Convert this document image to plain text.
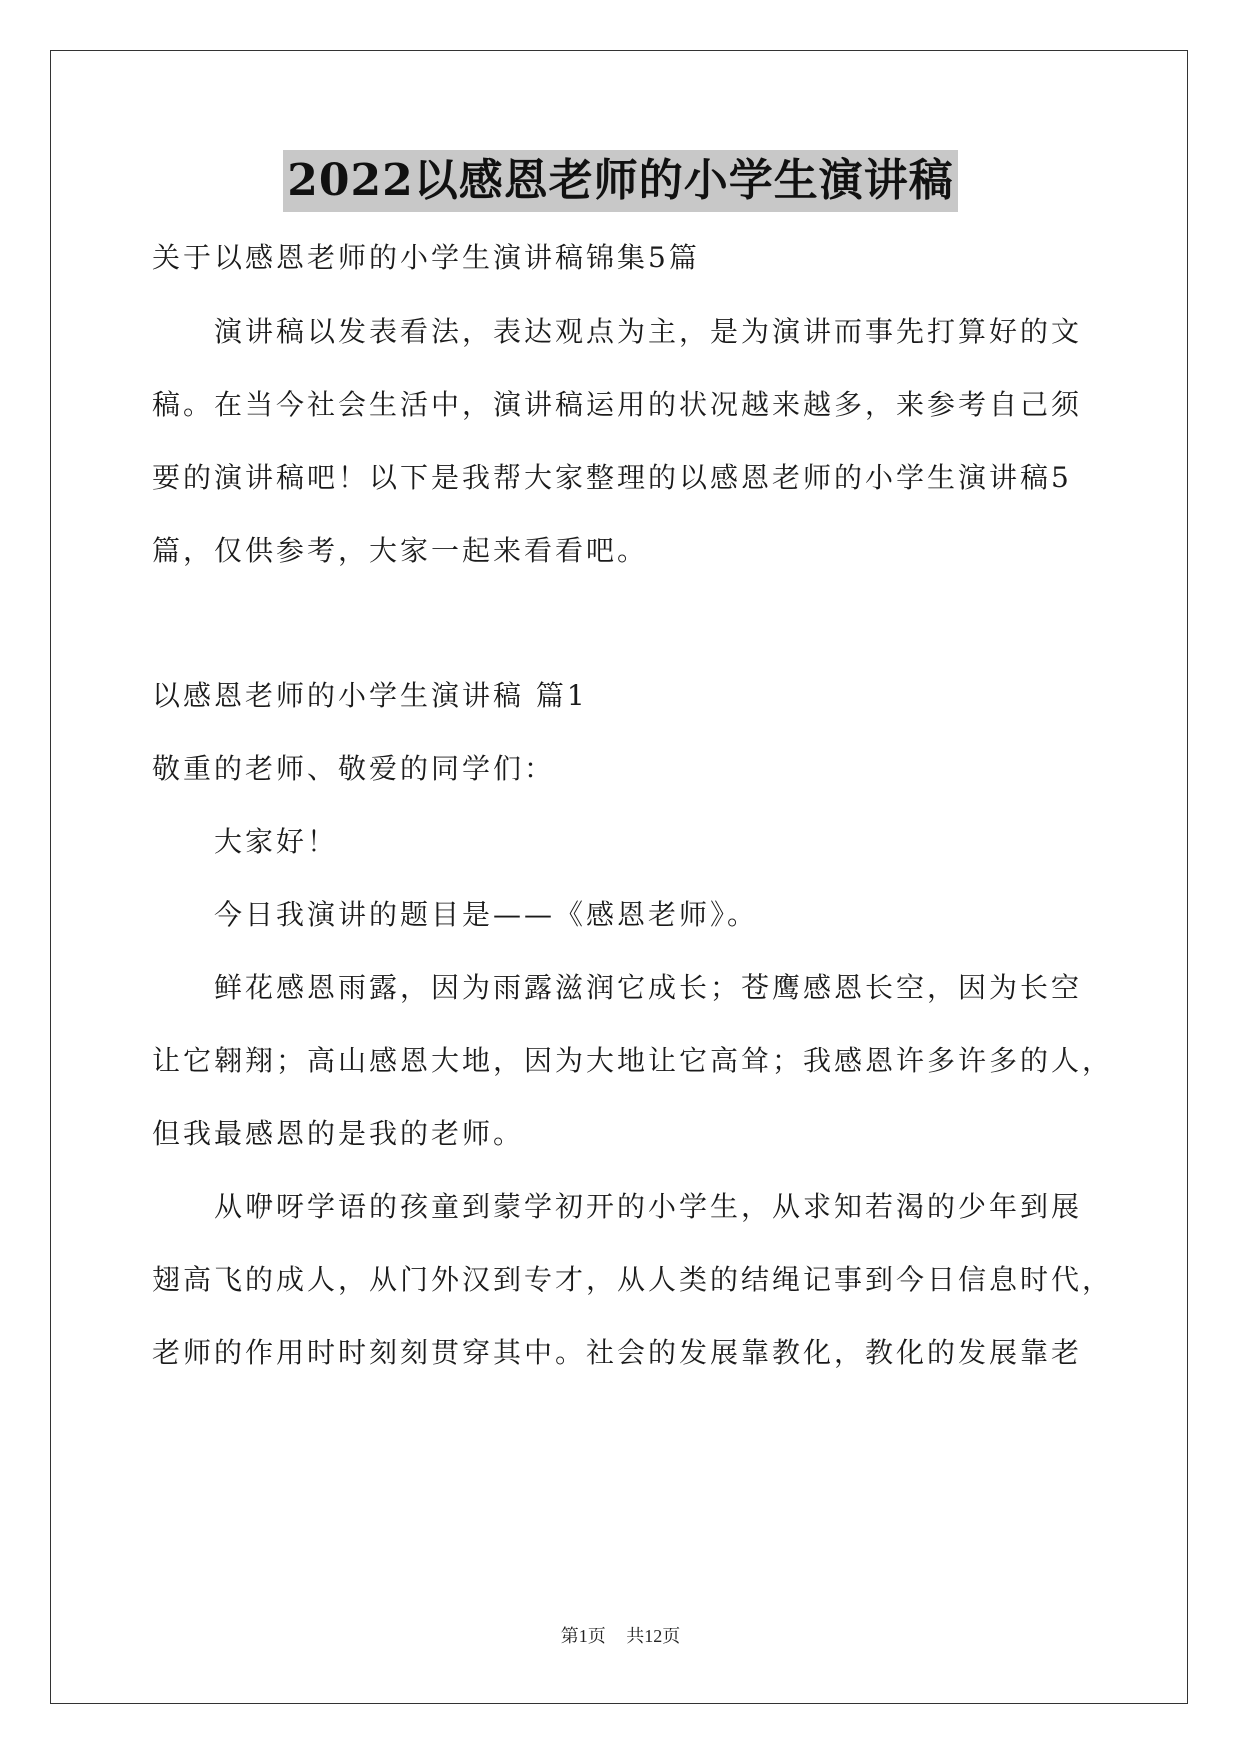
2022以感恩老师的小学生演讲稿
关于以感恩老师的小学生演讲稿锦集5篇
演讲稿以发表看法，表达观点为主，是为演讲而事先打算好的文
稿。在当今社会生活中，演讲稿运用的状况越来越多，来参考自己须
要的演讲稿吧！以下是我帮大家整理的以感恩老师的小学生演讲稿5
篇，仅供参考，大家一起来看看吧。
以感恩老师的小学生演讲稿 篇1
敬重的老师、敬爱的同学们：
大家好！
今日我演讲的题目是——《感恩老师》。
鲜花感恩雨露，因为雨露滋润它成长；苍鹰感恩长空，因为长空
让它翱翔；高山感恩大地，因为大地让它高耸；我感恩许多许多的人，
但我最感恩的是我的老师。
从咿呀学语的孩童到蒙学初开的小学生，从求知若渴的少年到展
翅高飞的成人，从门外汉到专才，从人类的结绳记事到今日信息时代，
老师的作用时时刻刻贯穿其中。社会的发展靠教化，教化的发展靠老
第1页 共12页
